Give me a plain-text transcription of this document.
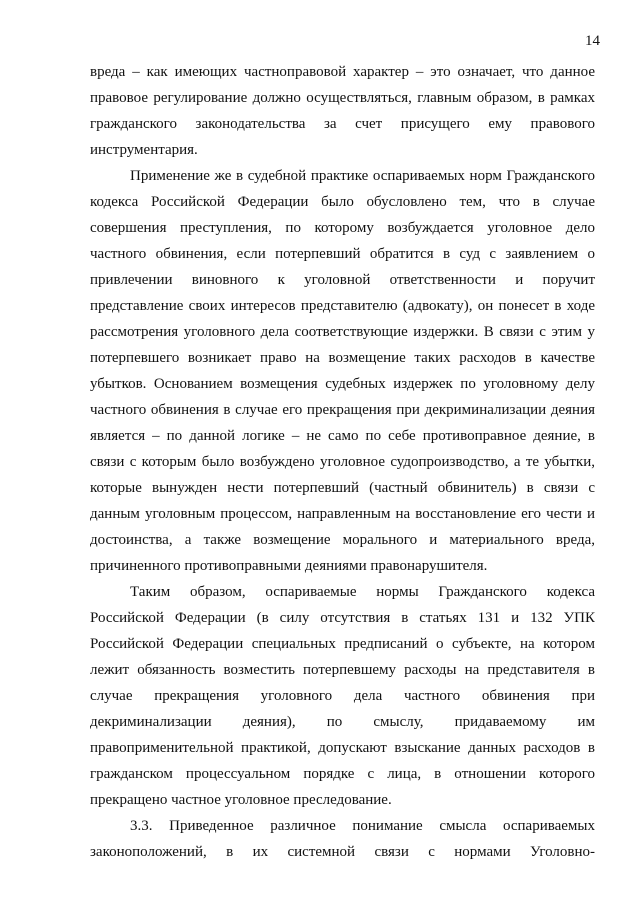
14
вреда – как имеющих частноправовой характер – это означает, что данное
правовое регулирование должно осуществляться, главным образом, в рамках
гражданского законодательства за счет присущего ему правового
инструментария.
Применение же в судебной практике оспариваемых норм Гражданского
кодекса Российской Федерации было обусловлено тем, что в случае
совершения преступления, по которому возбуждается уголовное дело
частного обвинения, если потерпевший обратится в суд с заявлением о
привлечении виновного к уголовной ответственности и поручит
представление своих интересов представителю (адвокату), он понесет в ходе
рассмотрения уголовного дела соответствующие издержки. В связи с этим у
потерпевшего возникает право на возмещение таких расходов в качестве
убытков. Основанием возмещения судебных издержек по уголовному делу
частного обвинения в случае его прекращения при декриминализации деяния
является – по данной логике – не само по себе противоправное деяние, в
связи с которым было возбуждено уголовное судопроизводство, а те убытки,
которые вынужден нести потерпевший (частный обвинитель) в связи с
данным уголовным процессом, направленным на восстановление его чести и
достоинства, а также возмещение морального и материального вреда,
причиненного противоправными деяниями правонарушителя.
Таким образом, оспариваемые нормы Гражданского кодекса
Российской Федерации (в силу отсутствия в статьях 131 и 132 УПК
Российской Федерации специальных предписаний о субъекте, на котором
лежит обязанность возместить потерпевшему расходы на представителя в
случае прекращения уголовного дела частного обвинения при
декриминализации деяния), по смыслу, придаваемому им
правоприменительной практикой, допускают взыскание данных расходов в
гражданском процессуальном порядке с лица, в отношении которого
прекращено частное уголовное преследование.
3.3. Приведенное различное понимание смысла оспариваемых
законоположений, в их системной связи с нормами Уголовно-
